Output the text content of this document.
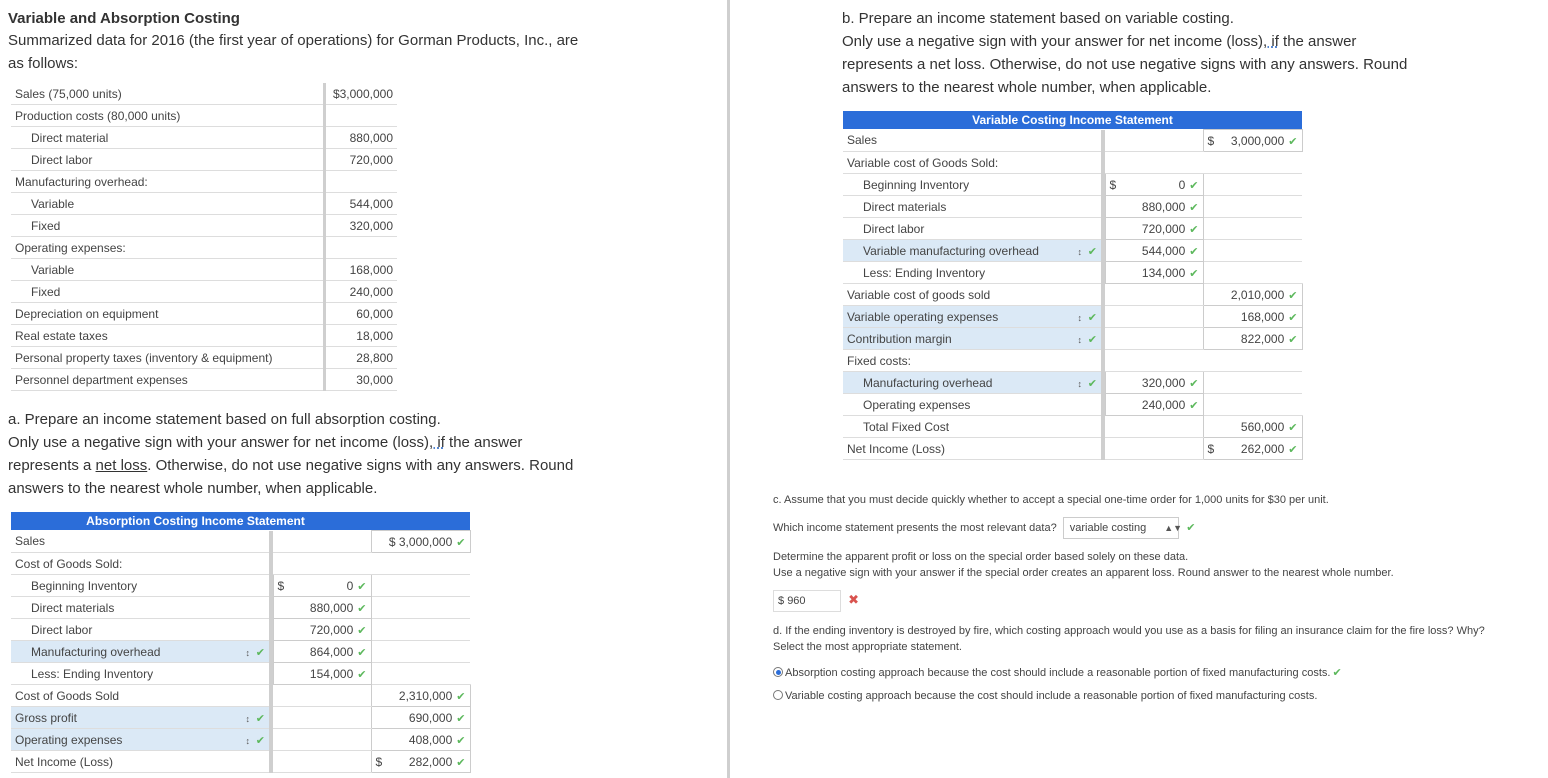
Variable and Absorption Costing
Summarized data for 2016 (the first year of operations) for Gorman Products, Inc., are
as follows:
Sales (75,000 units)		$3,000,000
Production costs (80,000 units)		
Direct material		880,000
Direct labor		720,000
Manufacturing overhead:		
Variable		544,000
Fixed		320,000
Operating expenses:		
Variable		168,000
Fixed		240,000
Depreciation on equipment		60,000
Real estate taxes		18,000
Personal property taxes (inventory & equipment)		28,800
Personnel department expenses		30,000
a. Prepare an income statement based on full absorption costing.
Only use a negative sign with your answer for net income (loss), if the answer
represents a net loss. Otherwise, do not use negative signs with any answers. Round
answers to the nearest whole number, when applicable.
Absorption Costing Income Statement
Sales			$ 3,000,000 ✔
Cost of Goods Sold:			
Beginning Inventory		$ 0 ✔	
Direct materials		880,000 ✔	
Direct labor		720,000 ✔	
Manufacturing overhead ↕ ✔		864,000 ✔	
Less: Ending Inventory		154,000 ✔	
Cost of Goods Sold			2,310,000 ✔
Gross profit ↕ ✔			690,000 ✔
Operating expenses ↕ ✔			408,000 ✔
Net Income (Loss)			$ 282,000 ✔
b. Prepare an income statement based on variable costing.
Only use a negative sign with your answer for net income (loss), if the answer
represents a net loss. Otherwise, do not use negative signs with any answers. Round
answers to the nearest whole number, when applicable.
Variable Costing Income Statement
Sales			$ 3,000,000 ✔
Variable cost of Goods Sold:			
Beginning Inventory		$ 0 ✔	
Direct materials		880,000 ✔	
Direct labor		720,000 ✔	
Variable manufacturing overhead ↕ ✔		544,000 ✔	
Less: Ending Inventory		134,000 ✔	
Variable cost of goods sold			2,010,000 ✔
Variable operating expenses ↕ ✔			168,000 ✔
Contribution margin ↕ ✔			822,000 ✔
Fixed costs:			
Manufacturing overhead ↕ ✔		320,000 ✔	
Operating expenses		240,000 ✔	
Total Fixed Cost			560,000 ✔
Net Income (Loss)			$ 262,000 ✔
c. Assume that you must decide quickly whether to accept a special one-time order for 1,000 units for $30 per unit.
Which income statement presents the most relevant data? variable costing ▲▼ ✔
Determine the apparent profit or loss on the special order based solely on these data.
Use a negative sign with your answer if the special order creates an apparent loss. Round answer to the nearest whole number.
$ 960	✖
d. If the ending inventory is destroyed by fire, which costing approach would you use as a basis for filing an insurance claim for the fire loss? Why?
Select the most appropriate statement.
Absorption costing approach because the cost should include a reasonable portion of fixed manufacturing costs. ✔
Variable costing approach because the cost should include a reasonable portion of fixed manufacturing costs.
